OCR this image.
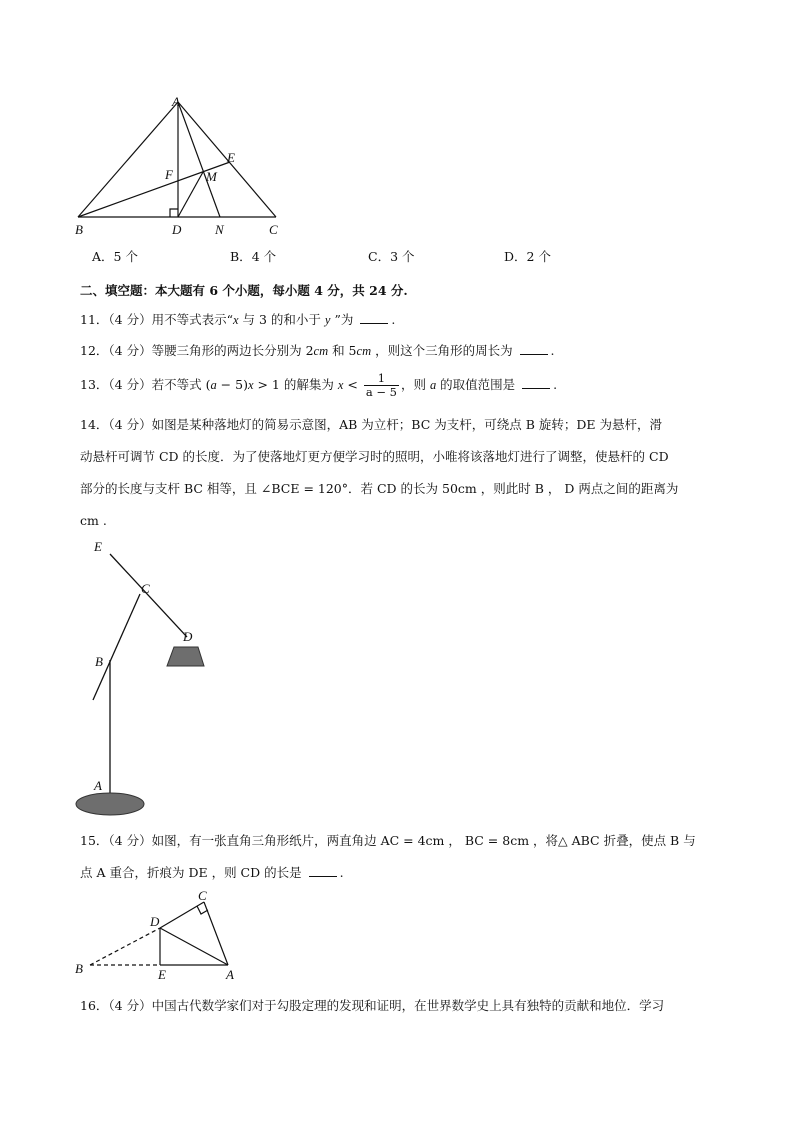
A
E
F	M
B	D	N	C
A．5 个	B．4 个	C．3 个	D．2 个
二、填空题：本大题有 6 个小题，每小题 4 分，共 24 分.
11．（4 分）用不等式表示“x 与 3 的和小于 y ”为	.
12．（4 分）等腰三角形的两边长分别为 2cm 和 5cm ，则这个三角形的周长为	.
13．（4 分）若不等式 (a − 5)x > 1 的解集为 $x < \frac{1}{a - 5}$ ，则 a 的取值范围是	.
14．（4 分）如图是某种落地灯的简易示意图，AB 为立杆；BC 为支杆，可绕点 B 旋转；DE 为悬杆，滑
动悬杆可调节 CD 的长度．为了使落地灯更方便学习时的照明，小唯将该落地灯进行了调整，使悬杆的 CD
部分的长度与支杆 BC 相等，且 ∠BCE = 120°．若 CD 的长为 50cm ，则此时 B ， D 两点之间的距离为
cm .
E
C
D
B
A
15．（4 分）如图，有一张直角三角形纸片，两直角边 AC = 4cm ， BC = 8cm ，将△ ABC 折叠，使点 B 与
点 A 重合，折痕为 DE ，则 CD 的长是	.
C
D
B	E	A
16．（4 分）中国古代数学家们对于勾股定理的发现和证明，在世界数学史上具有独特的贡献和地位．学习
